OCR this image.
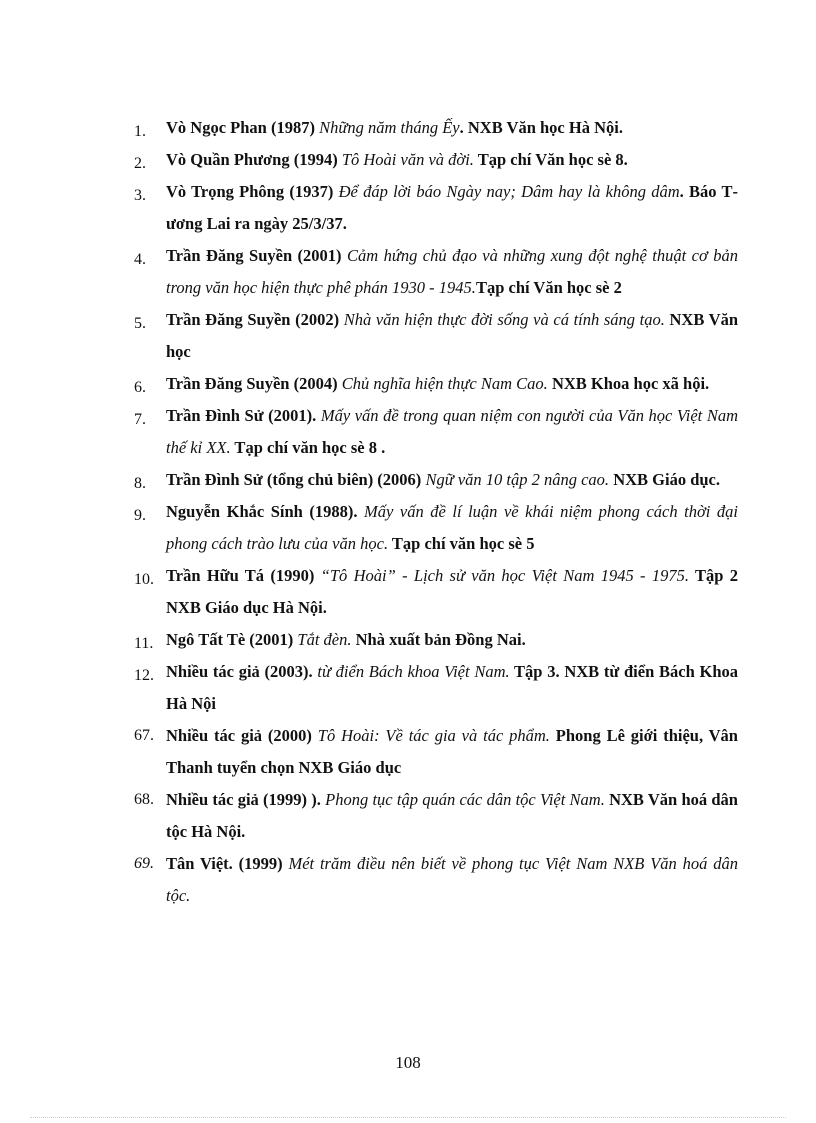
1.	Vò Ngọc Phan (1987) Những năm tháng Ếy. NXB Văn học Hà Nội.
2.	Vò Quần Phương (1994) Tô Hoài văn và đời. Tạp chí Văn học sè 8.
3.	Vò Trọng Phông (1937) Để đáp lời báo Ngày nay; Dâm hay là không dâm. Báo Tương Lai ra ngày 25/3/37.
4.	Trần Đăng Suyền (2001) Cảm hứng chủ đạo và những xung đột nghệ thuật cơ bản trong văn học hiện thực phê phán 1930 - 1945.Tạp chí Văn học sè 2
5.	Trần Đăng Suyền (2002) Nhà văn hiện thực đời sống và cá tính sáng tạo. NXB Văn học
6.	Trần Đăng Suyền (2004) Chủ nghĩa hiện thực Nam Cao. NXB Khoa học xã hội.
7.	Trần Đình Sử (2001). Mấy vấn đề trong quan niệm con người của Văn học Việt Nam thế kỉ XX. Tạp chí văn học sè 8 .
8.	Trần Đình Sử (tổng chủ biên) (2006) Ngữ văn 10 tập 2 nâng cao. NXB Giáo dục.
9.	Nguyễn Khắc Sính (1988). Mấy vấn đề lí luận về khái niệm phong cách thời đại phong cách trào lưu của văn học. Tạp chí văn học sè 5
10. Trần Hữu Tá (1990) “Tô Hoài” - Lịch sử văn học Việt Nam 1945 - 1975. Tập 2 NXB Giáo dục Hà Nội.
11. Ngô Tất Tè (2001) Tắt đèn. Nhà xuất bản Đồng Nai.
12. Nhiều tác giả (2003). từ điển Bách khoa Việt Nam. Tập 3. NXB từ điển Bách Khoa Hà Nội
67. Nhiều tác giả (2000) Tô Hoài: Về tác gia và tác phẩm. Phong Lê giới thiệu, Vân Thanh tuyển chọn NXB Giáo dục
68. Nhiều tác giả (1999) ). Phong tục tập quán các dân tộc Việt Nam. NXB Văn hoá dân tộc Hà Nội.
69. Tân Việt. (1999) Mét trăm điều nên biết về phong tục Việt Nam NXB Văn hoá dân tộc.
108
